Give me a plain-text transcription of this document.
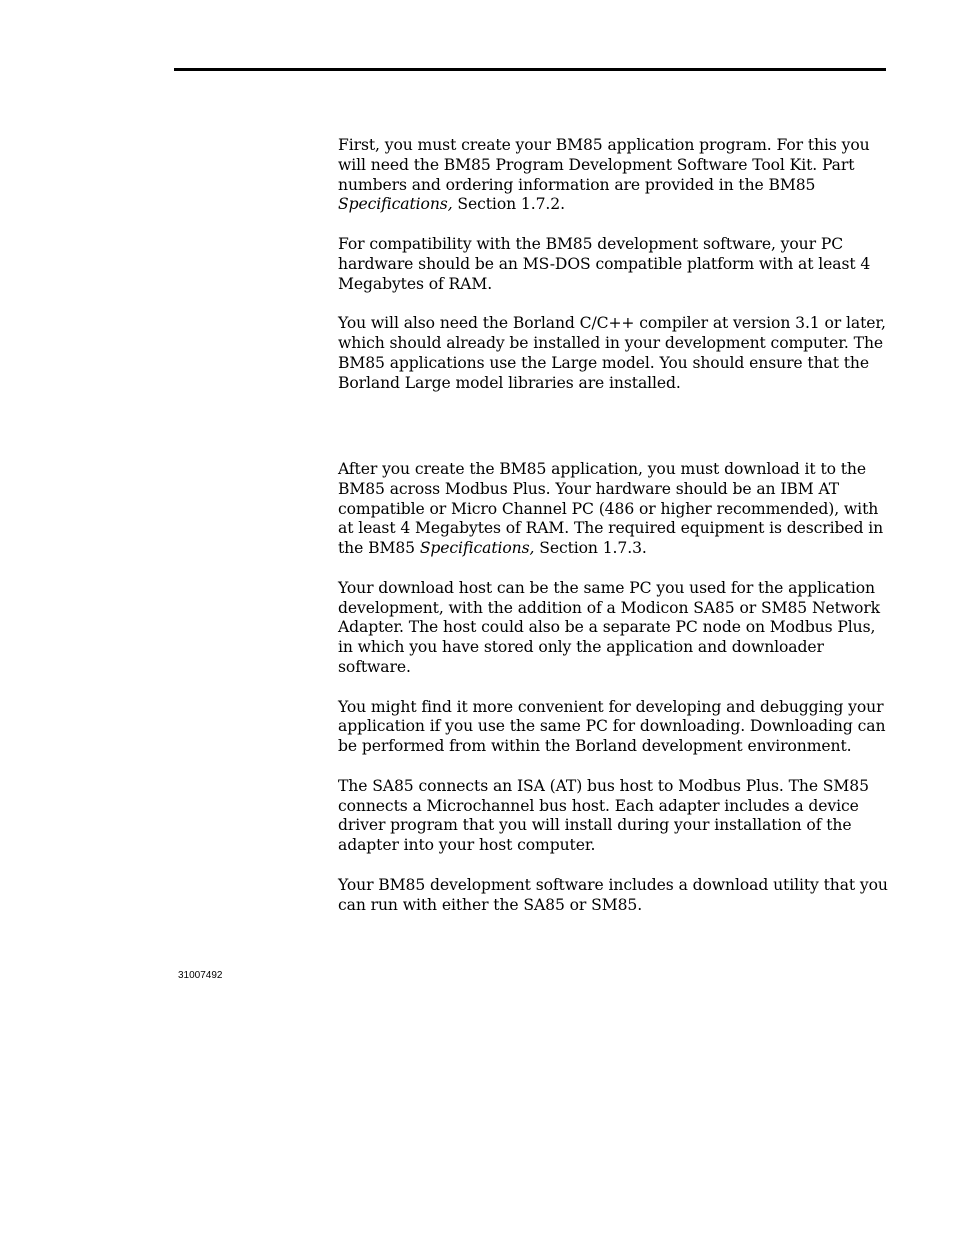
First, you must create your BM85 application program. For this you will need the BM85 Program Development Software Tool Kit. Part numbers and ordering information are provided in the BM85 Specifications, Section 1.7.2.

For compatibility with the BM85 development software, your PC hardware should be an MS-DOS compatible platform with at least 4 Megabytes of RAM.

You will also need the Borland C/C++ compiler at version 3.1 or later, which should already be installed in your development computer. The BM85 applications use the Large model. You should ensure that the Borland Large model libraries are installed.

After you create the BM85 application, you must download it to the BM85 across Modbus Plus. Your hardware should be an IBM AT compatible or Micro Channel PC (486 or higher recommended), with at least 4 Megabytes of RAM. The required equipment is described in the BM85 Specifications, Section 1.7.3.

Your download host can be the same PC you used for the application development, with the addition of a Modicon SA85 or SM85 Network Adapter. The host could also be a separate PC node on Modbus Plus, in which you have stored only the application and downloader software.

You might find it more convenient for developing and debugging your application if you use the same PC for downloading. Downloading can be performed from within the Borland development environment.

The SA85 connects an ISA (AT) bus host to Modbus Plus. The SM85 connects a Microchannel bus host. Each adapter includes a device driver program that you will install during your installation of the adapter into your host computer.

Your BM85 development software includes a download utility that you can run with either the SA85 or SM85.

31007492
